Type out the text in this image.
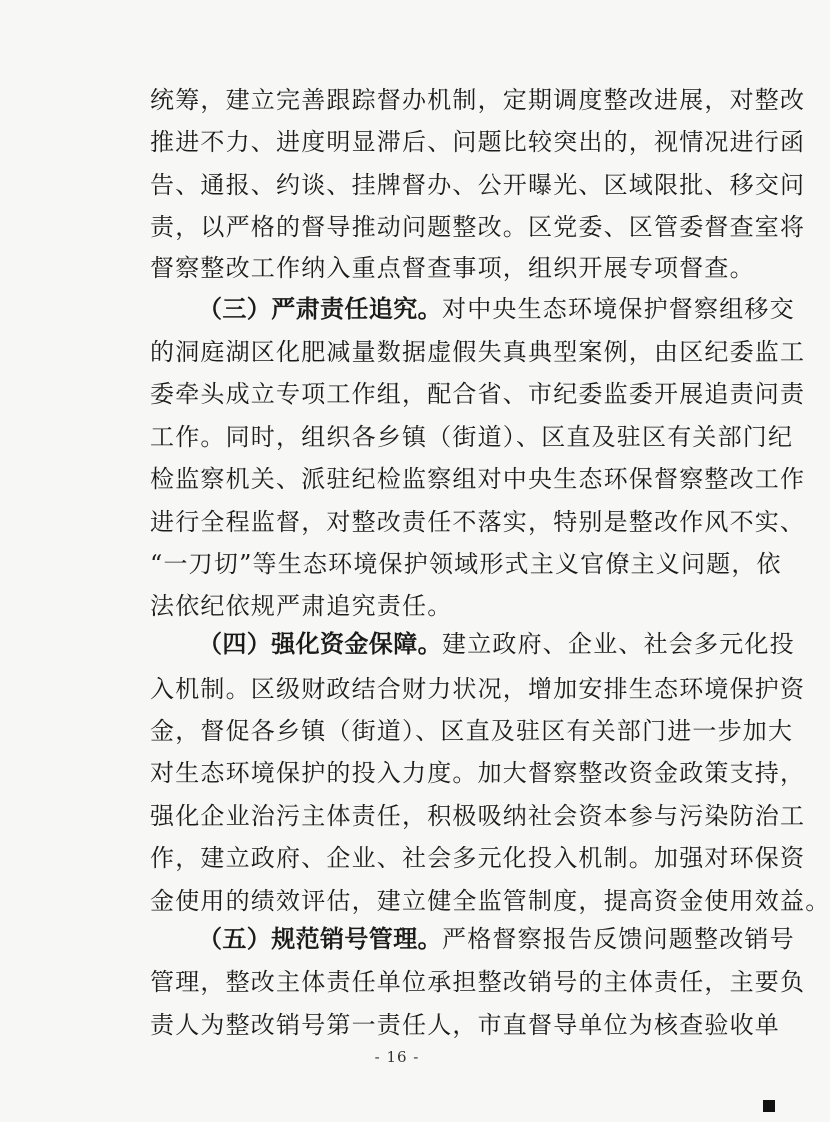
统筹，建立完善跟踪督办机制，定期调度整改进展，对整改
推进不力、进度明显滞后、问题比较突出的，视情况进行函
告、通报、约谈、挂牌督办、公开曝光、区域限批、移交问
责，以严格的督导推动问题整改。区党委、区管委督查室将
督察整改工作纳入重点督查事项，组织开展专项督查。
（三）严肃责任追究。对中央生态环境保护督察组移交
的洞庭湖区化肥减量数据虚假失真典型案例，由区纪委监工
委牵头成立专项工作组，配合省、市纪委监委开展追责问责
工作。同时，组织各乡镇（街道）、区直及驻区有关部门纪
检监察机关、派驻纪检监察组对中央生态环保督察整改工作
进行全程监督，对整改责任不落实，特别是整改作风不实、
“一刀切”等生态环境保护领域形式主义官僚主义问题，依
法依纪依规严肃追究责任。
（四）强化资金保障。建立政府、企业、社会多元化投
入机制。区级财政结合财力状况，增加安排生态环境保护资
金，督促各乡镇（街道）、区直及驻区有关部门进一步加大
对生态环境保护的投入力度。加大督察整改资金政策支持，
强化企业治污主体责任，积极吸纳社会资本参与污染防治工
作，建立政府、企业、社会多元化投入机制。加强对环保资
金使用的绩效评估，建立健全监管制度，提高资金使用效益。
（五）规范销号管理。严格督察报告反馈问题整改销号
管理，整改主体责任单位承担整改销号的主体责任，主要负
责人为整改销号第一责任人，市直督导单位为核查验收单
- 16 -
